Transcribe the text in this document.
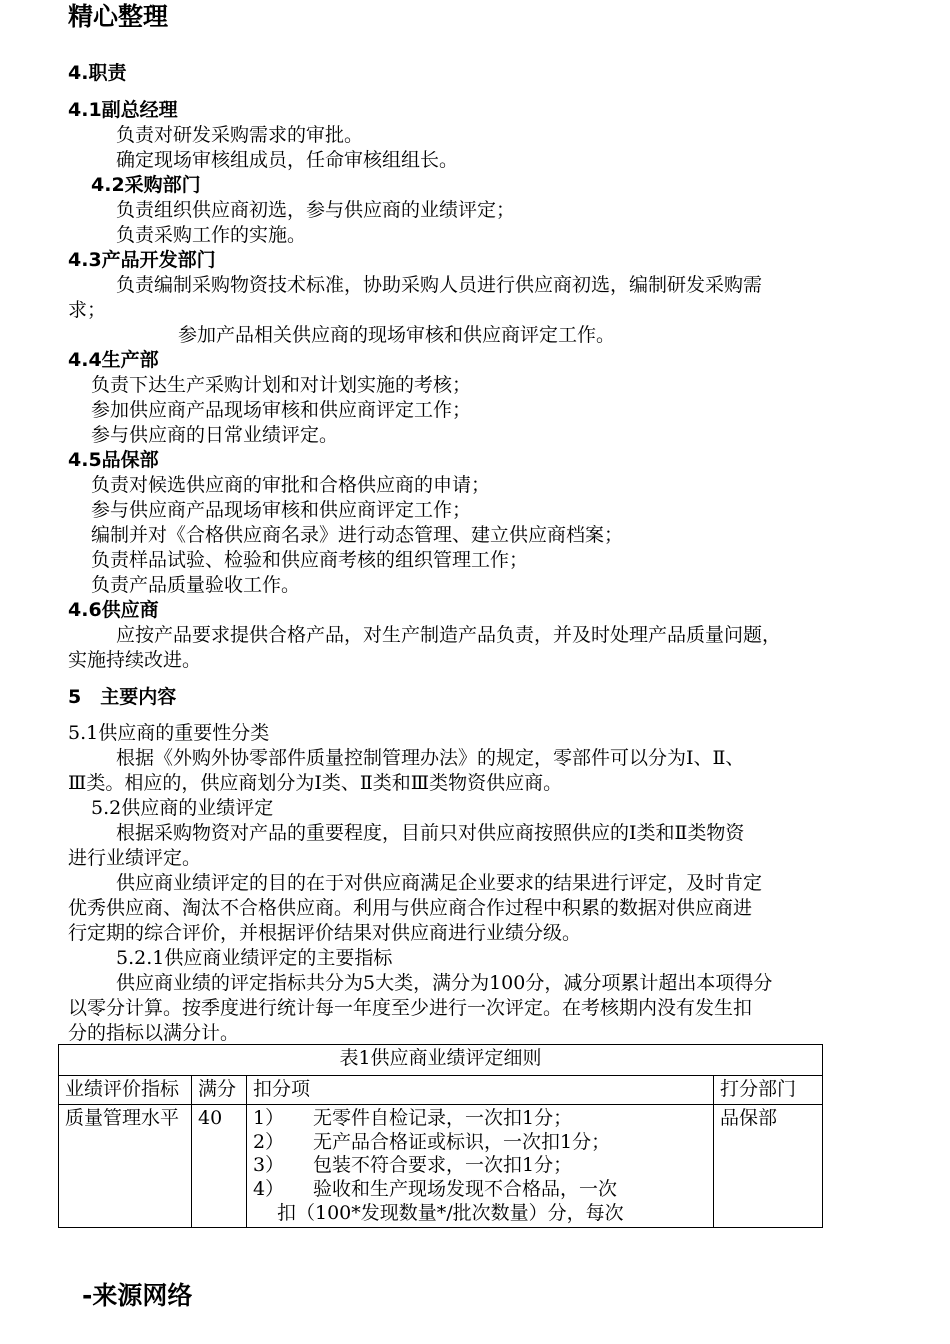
精心整理
4.职责
4.1副总经理
负责对研发采购需求的审批。
确定现场审核组成员，任命审核组组长。
4.2采购部门
负责组织供应商初选，参与供应商的业绩评定；
负责采购工作的实施。
4.3产品开发部门
负责编制采购物资技术标准，协助采购人员进行供应商初选，编制研发采购需
求；
参加产品相关供应商的现场审核和供应商评定工作。
4.4生产部
负责下达生产采购计划和对计划实施的考核；
参加供应商产品现场审核和供应商评定工作；
参与供应商的日常业绩评定。
4.5品保部
负责对候选供应商的审批和合格供应商的申请；
参与供应商产品现场审核和供应商评定工作；
编制并对《合格供应商名录》进行动态管理、建立供应商档案；
负责样品试验、检验和供应商考核的组织管理工作；
负责产品质量验收工作。
4.6供应商
应按产品要求提供合格产品，对生产制造产品负责，并及时处理产品质量问题，
实施持续改进。
5　主要内容
5.1供应商的重要性分类
根据《外购外协零部件质量控制管理办法》的规定，零部件可以分为Ⅰ、Ⅱ、
Ⅲ类。相应的，供应商划分为Ⅰ类、Ⅱ类和Ⅲ类物资供应商。
5.2供应商的业绩评定
根据采购物资对产品的重要程度，目前只对供应商按照供应的Ⅰ类和Ⅱ类物资
进行业绩评定。
供应商业绩评定的目的在于对供应商满足企业要求的结果进行评定，及时肯定
优秀供应商、淘汰不合格供应商。利用与供应商合作过程中积累的数据对供应商进
行定期的综合评价，并根据评价结果对供应商进行业绩分级。
5.2.1供应商业绩评定的主要指标
供应商业绩的评定指标共分为5大类，满分为100分，减分项累计超出本项得分
以零分计算。按季度进行统计每一年度至少进行一次评定。在考核期内没有发生扣
分的指标以满分计。
表1供应商业绩评定细则			
业绩评价指标	满分	扣分项	打分部门
质量管理水平	40	1） 无零件自检记录，一次扣1分；
2） 无产品合格证或标识，一次扣1分；
3） 包装不符合要求，一次扣1分；
4） 验收和生产现场发现不合格品，一次
扣（100*发现数量*/批次数量）分，每次	品保部
-来源网络
